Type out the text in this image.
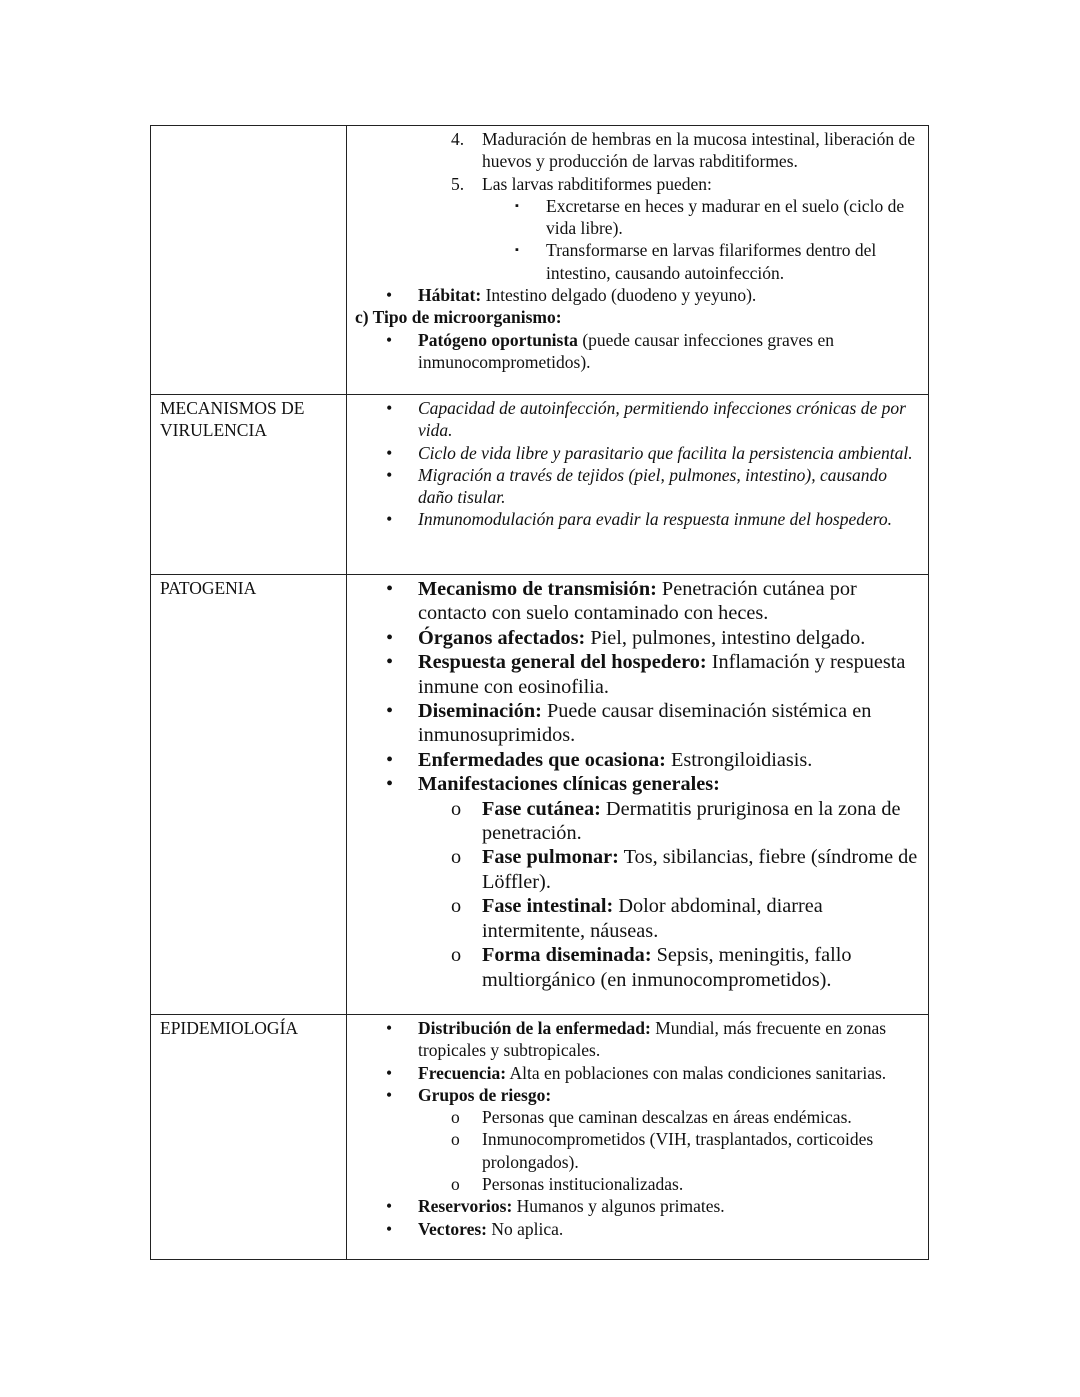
4. Maduración de hembras en la mucosa intestinal, liberación de huevos y producción de larvas rabditiformes.
5. Las larvas rabditiformes pueden:
▪ Excretarse en heces y madurar en el suelo (ciclo de vida libre).
▪ Transformarse en larvas filariformes dentro del intestino, causando autoinfección.
• Hábitat: Intestino delgado (duodeno y yeyuno).
c) Tipo de microorganismo:
• Patógeno oportunista (puede causar infecciones graves en inmunocomprometidos).
MECANISMOS DE VIRULENCIA
• Capacidad de autoinfección, permitiendo infecciones crónicas de por vida.
• Ciclo de vida libre y parasitario que facilita la persistencia ambiental.
• Migración a través de tejidos (piel, pulmones, intestino), causando daño tisular.
• Inmunomodulación para evadir la respuesta inmune del hospedero.
PATOGENIA	• Mecanismo de transmisión: Penetración cutánea por contacto con suelo contaminado con heces.
• Órganos afectados: Piel, pulmones, intestino delgado.
• Respuesta general del hospedero: Inflamación y respuesta inmune con eosinofilia.
• Diseminación: Puede causar diseminación sistémica en inmunosuprimidos.
• Enfermedades que ocasiona: Estrongiloidiasis.
• Manifestaciones clínicas generales:
o Fase cutánea: Dermatitis pruriginosa en la zona de penetración.
o Fase pulmonar: Tos, sibilancias, fiebre (síndrome de Löffler).
o Fase intestinal: Dolor abdominal, diarrea intermitente, náuseas.
o Forma diseminada: Sepsis, meningitis, fallo multiorgánico (en inmunocomprometidos).
EPIDEMIOLOGÍA	• Distribución de la enfermedad: Mundial, más frecuente en zonas tropicales y subtropicales.
• Frecuencia: Alta en poblaciones con malas condiciones sanitarias.
• Grupos de riesgo:
o Personas que caminan descalzas en áreas endémicas.
o Inmunocomprometidos (VIH, trasplantados, corticoides prolongados).
o Personas institucionalizadas.
• Reservorios: Humanos y algunos primates.
• Vectores: No aplica.
